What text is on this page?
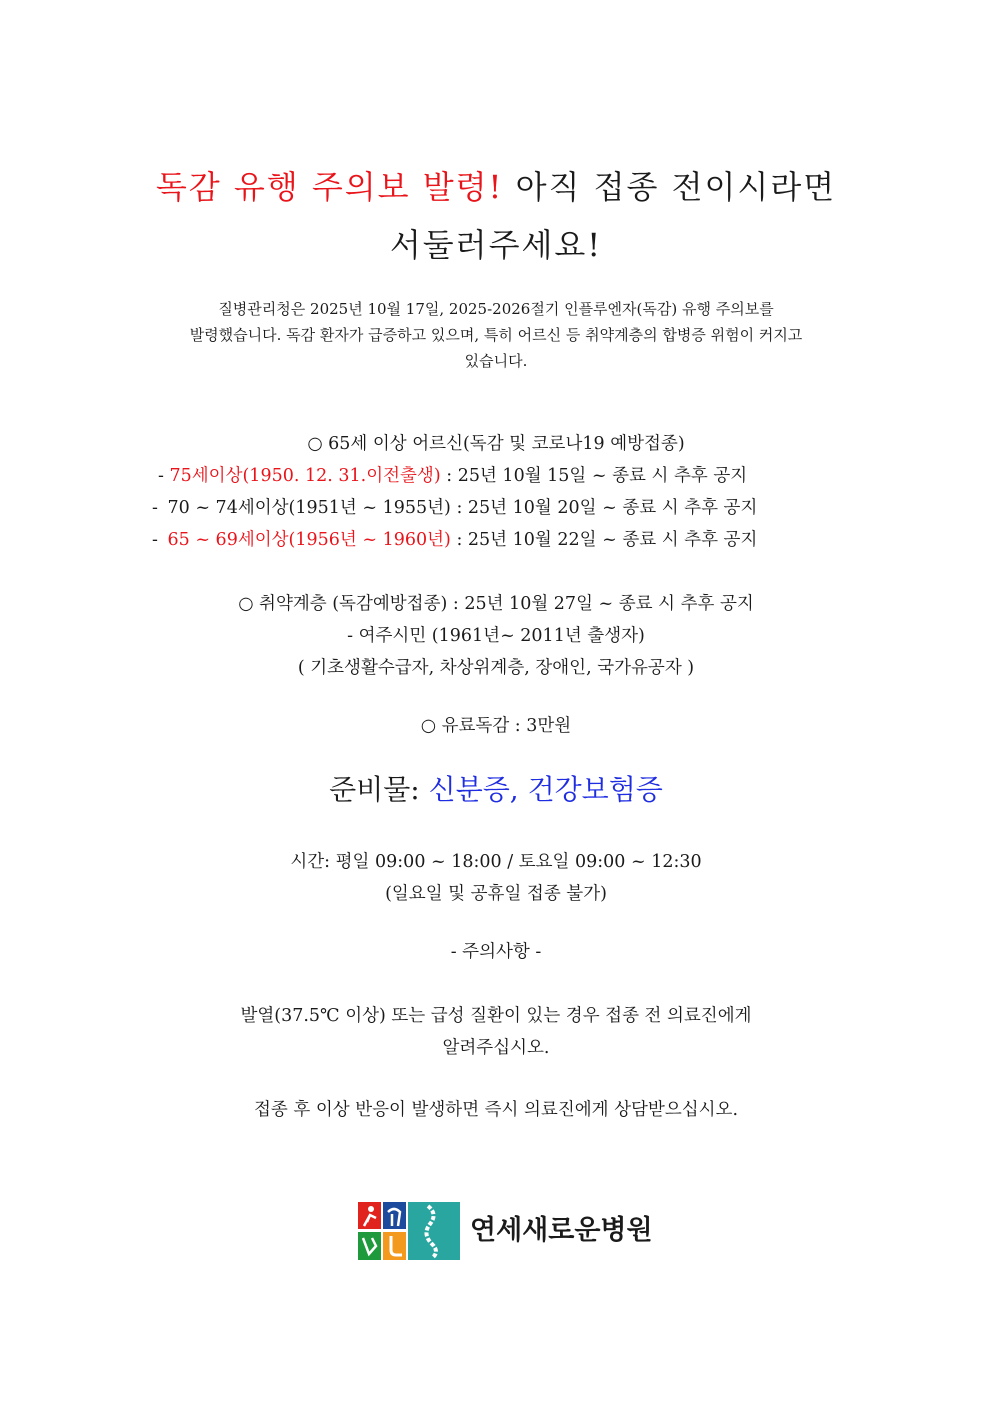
독감 유행 주의보 발령! 아직 접종 전이시라면
서둘러주세요!
질병관리청은 2025년 10월 17일, 2025-2026절기 인플루엔자(독감) 유행 주의보를
발령했습니다. 독감 환자가 급증하고 있으며, 특히 어르신 등 취약계층의 합병증 위험이 커지고
있습니다.
○ 65세 이상 어르신(독감 및 코로나19 예방접종)
- 75세이상(1950. 12. 31.이전출생) : 25년 10월 15일 ~ 종료 시 추후 공지
- 70 ~ 74세이상(1951년 ~ 1955년) : 25년 10월 20일 ~ 종료 시 추후 공지
- 65 ~ 69세이상(1956년 ~ 1960년) : 25년 10월 22일 ~ 종료 시 추후 공지
○ 취약계층 (독감예방접종) : 25년 10월 27일 ~ 종료 시 추후 공지
- 여주시민 (1961년~ 2011년 출생자)
( 기초생활수급자, 차상위계층, 장애인, 국가유공자 )
○ 유료독감 : 3만원
준비물: 신분증, 건강보험증
시간: 평일 09:00 ~ 18:00 / 토요일 09:00 ~ 12:30
(일요일 및 공휴일 접종 불가)
- 주의사항 -
발열(37.5℃ 이상) 또는 급성 질환이 있는 경우 접종 전 의료진에게
알려주십시오.
접종 후 이상 반응이 발생하면 즉시 의료진에게 상담받으십시오.
연세새로운병원
